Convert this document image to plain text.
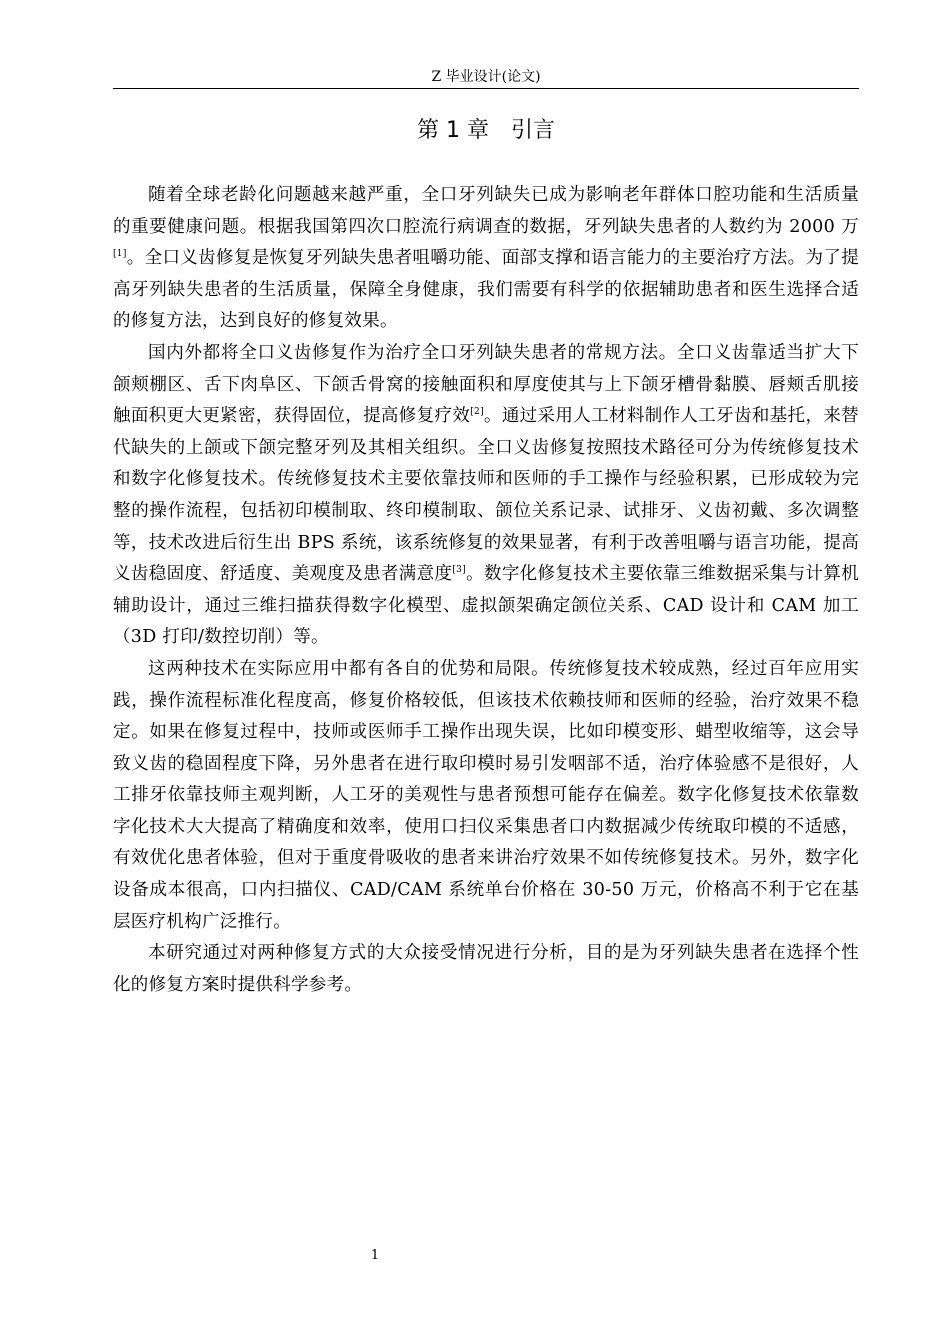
Z 毕业设计(论文)
第 1 章　引言

随着全球老龄化问题越来越严重，全口牙列缺失已成为影响老年群体口腔功能和生活质量的重要健康问题。根据我国第四次口腔流行病调查的数据，牙列缺失患者的人数约为 2000 万[1]。全口义齿修复是恢复牙列缺失患者咀嚼功能、面部支撑和语言能力的主要治疗方法。为了提高牙列缺失患者的生活质量，保障全身健康，我们需要有科学的依据辅助患者和医生选择合适的修复方法，达到良好的修复效果。

国内外都将全口义齿修复作为治疗全口牙列缺失患者的常规方法。全口义齿靠适当扩大下颌颊棚区、舌下肉阜区、下颌舌骨窝的接触面积和厚度使其与上下颌牙槽骨黏膜、唇颊舌肌接触面积更大更紧密，获得固位，提高修复疗效[2]。通过采用人工材料制作人工牙齿和基托，来替代缺失的上颌或下颌完整牙列及其相关组织。全口义齿修复按照技术路径可分为传统修复技术和数字化修复技术。传统修复技术主要依靠技师和医师的手工操作与经验积累，已形成较为完整的操作流程，包括初印模制取、终印模制取、颌位关系记录、试排牙、义齿初戴、多次调整等，技术改进后衍生出 BPS 系统，该系统修复的效果显著，有利于改善咀嚼与语言功能，提高义齿稳固度、舒适度、美观度及患者满意度[3]。数字化修复技术主要依靠三维数据采集与计算机辅助设计，通过三维扫描获得数字化模型、虚拟颌架确定颌位关系、CAD 设计和 CAM 加工（3D 打印/数控切削）等。

这两种技术在实际应用中都有各自的优势和局限。传统修复技术较成熟，经过百年应用实践，操作流程标准化程度高，修复价格较低，但该技术依赖技师和医师的经验，治疗效果不稳定。如果在修复过程中，技师或医师手工操作出现失误，比如印模变形、蜡型收缩等，这会导致义齿的稳固程度下降，另外患者在进行取印模时易引发咽部不适，治疗体验感不是很好，人工排牙依靠技师主观判断，人工牙的美观性与患者预想可能存在偏差。数字化修复技术依靠数字化技术大大提高了精确度和效率，使用口扫仪采集患者口内数据减少传统取印模的不适感，有效优化患者体验，但对于重度骨吸收的患者来讲治疗效果不如传统修复技术。另外，数字化设备成本很高，口内扫描仪、CAD/CAM 系统单台价格在 30-50 万元，价格高不利于它在基层医疗机构广泛推行。

本研究通过对两种修复方式的大众接受情况进行分析，目的是为牙列缺失患者在选择个性化的修复方案时提供科学参考。

1
